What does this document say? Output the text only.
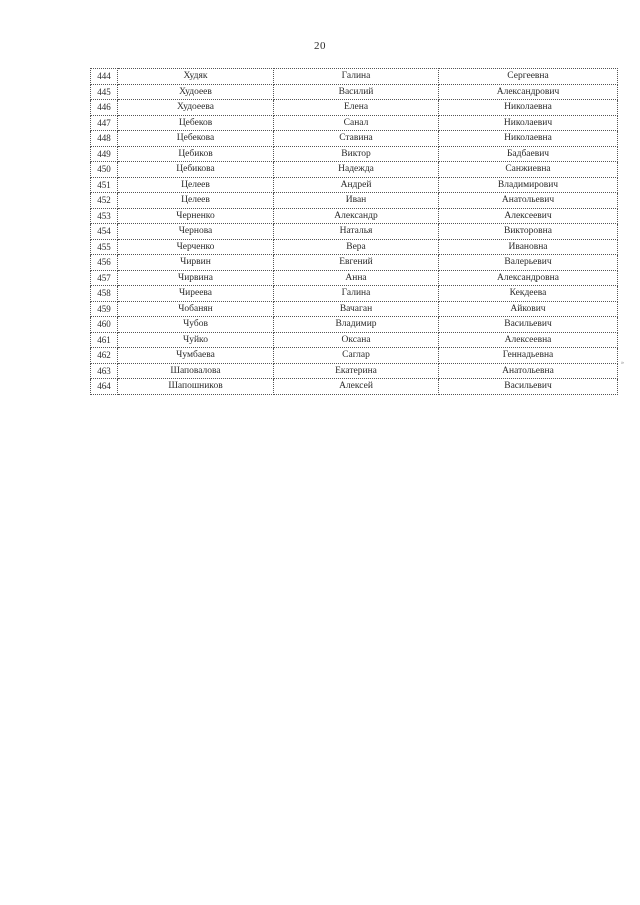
20
444	Худяк	Галина	Сергеевна
445	Худоеев	Василий	Александрович
446	Худоеева	Елена	Николаевна
447	Цебеков	Санал	Николаевич
448	Цебекова	Ставина	Николаевна
449	Цебиков	Виктор	Бадбаевич
450	Цебикова	Надежда	Санжиевна
451	Целеев	Андрей	Владимирович
452	Целеев	Иван	Анатольевич
453	Черненко	Александр	Алексеевич
454	Чернова	Наталья	Викторовна
455	Черченко	Вера	Ивановна
456	Чирвин	Евгений	Валерьевич
457	Чирвина	Анна	Александровна
458	Чиреева	Галина	Кекдеева
459	Чобанян	Вачаган	Айкович
460	Чубов	Владимир	Васильевич
461	Чуйко	Оксана	Алексеевна
462	Чумбаева	Саглар	Геннадьевна
463	Шаповалова	Екатерина	Анатольевна
464	Шапошников	Алексей	Васильевич
»
